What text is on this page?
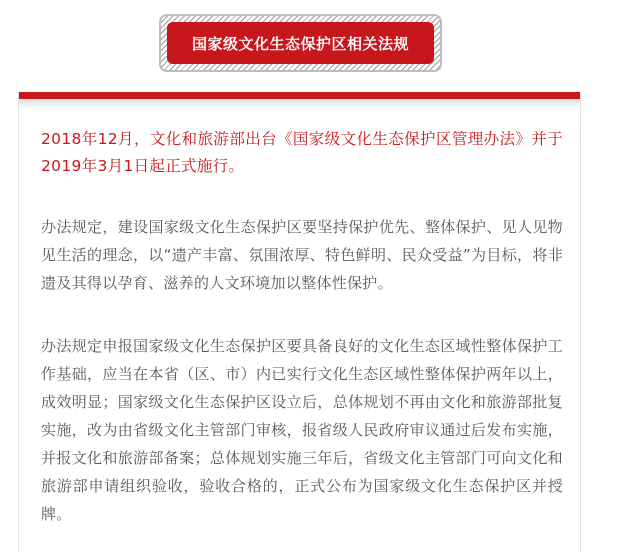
国家级文化生态保护区相关法规

2018年12月，文化和旅游部出台《国家级文化生态保护区管理办法》并于2019年3月1日起正式施行。

办法规定，建设国家级文化生态保护区要坚持保护优先、整体保护、见人见物见生活的理念，以“遗产丰富、氛围浓厚、特色鲜明、民众受益”为目标，将非遗及其得以孕育、滋养的人文环境加以整体性保护。

办法规定申报国家级文化生态保护区要具备良好的文化生态区域性整体保护工作基础，应当在本省（区、市）内已实行文化生态区域性整体保护两年以上，成效明显；国家级文化生态保护区设立后，总体规划不再由文化和旅游部批复实施，改为由省级文化主管部门审核，报省级人民政府审议通过后发布实施，并报文化和旅游部备案；总体规划实施三年后，省级文化主管部门可向文化和旅游部申请组织验收，验收合格的，正式公布为国家级文化生态保护区并授牌。
